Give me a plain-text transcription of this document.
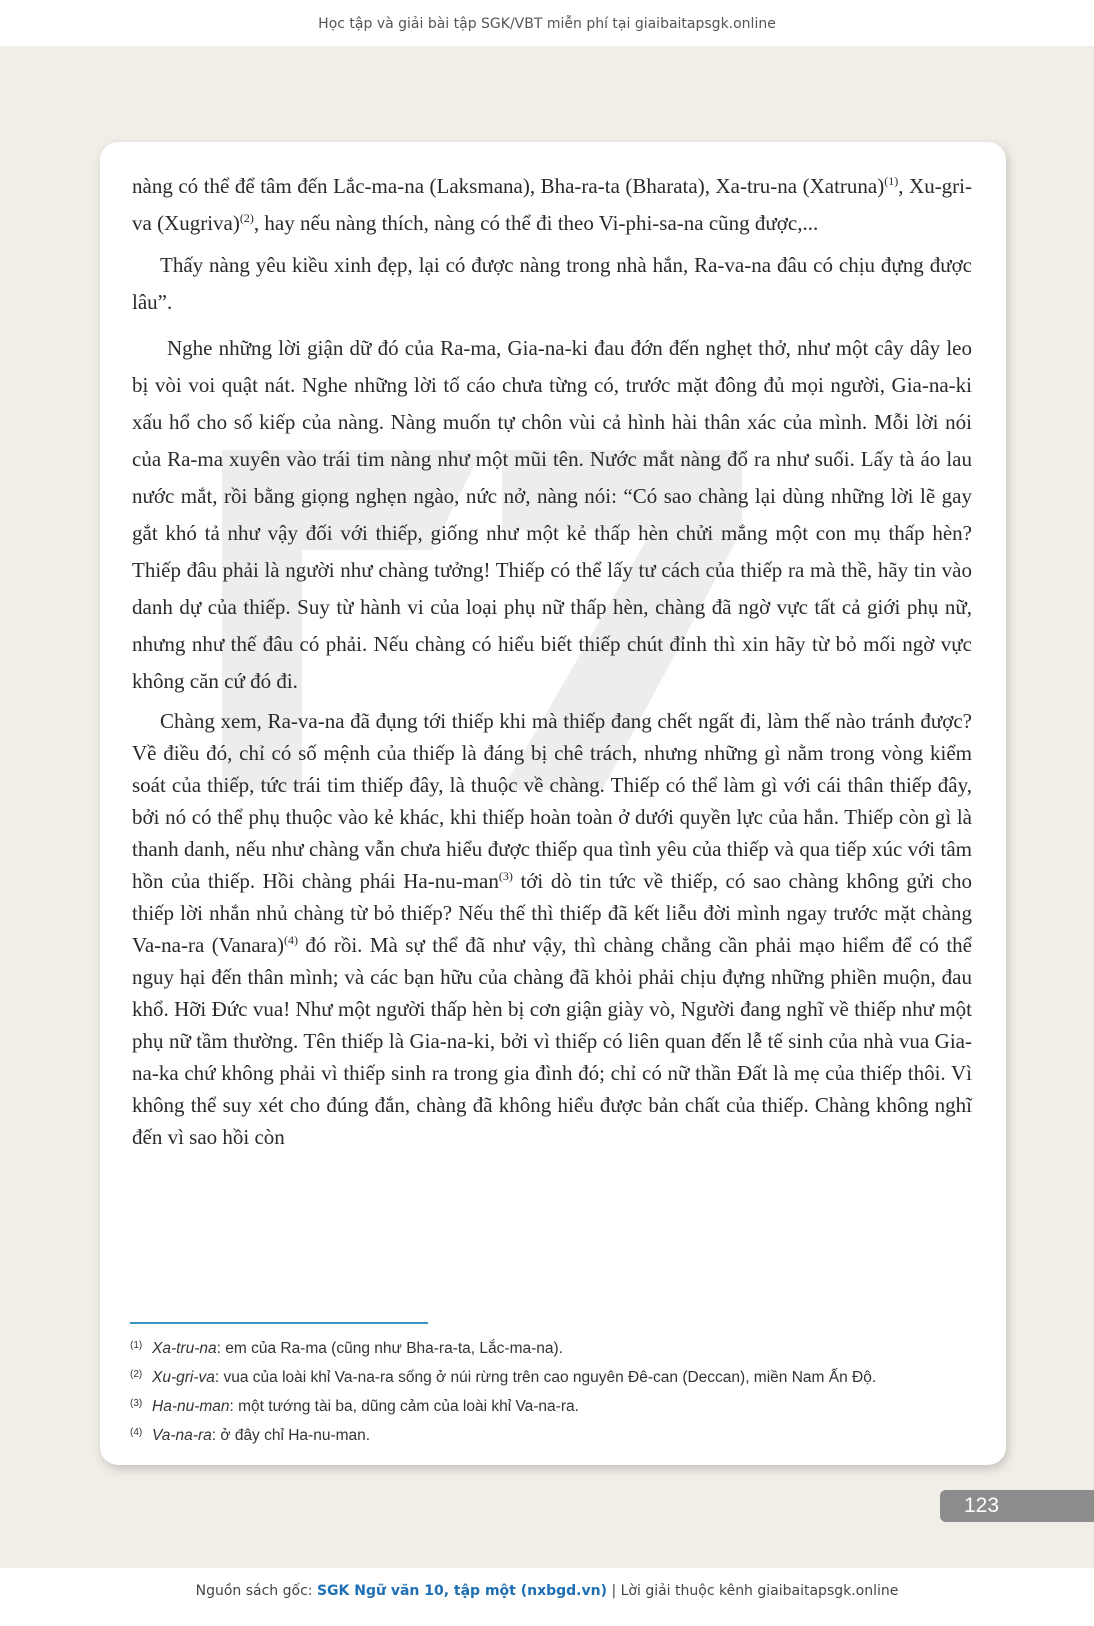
Học tập và giải bài tập SGK/VBT miễn phí tại giaibaitapsgk.online

nàng có thể để tâm đến Lắc-ma-na (Laksmana), Bha-ra-ta (Bharata), Xa-tru-na (Xatruna)$^{(1)}$, Xu-gri-va (Xugriva)$^{(2)}$, hay nếu nàng thích, nàng có thể đi theo Vi-phi-sa-na cũng được,...

Thấy nàng yêu kiều xinh đẹp, lại có được nàng trong nhà hắn, Ra-va-na đâu có chịu đựng được lâu”.

Nghe những lời giận dữ đó của Ra-ma, Gia-na-ki đau đớn đến nghẹt thở, như một cây dây leo bị vòi voi quật nát. Nghe những lời tố cáo chưa từng có, trước mặt đông đủ mọi người, Gia-na-ki xấu hổ cho số kiếp của nàng. Nàng muốn tự chôn vùi cả hình hài thân xác của mình. Mỗi lời nói của Ra-ma xuyên vào trái tim nàng như một mũi tên. Nước mắt nàng đổ ra như suối. Lấy tà áo lau nước mắt, rồi bằng giọng nghẹn ngào, nức nở, nàng nói: “Có sao chàng lại dùng những lời lẽ gay gắt khó tả như vậy đối với thiếp, giống như một kẻ thấp hèn chửi mắng một con mụ thấp hèn? Thiếp đâu phải là người như chàng tưởng! Thiếp có thể lấy tư cách của thiếp ra mà thề, hãy tin vào danh dự của thiếp. Suy từ hành vi của loại phụ nữ thấp hèn, chàng đã ngờ vực tất cả giới phụ nữ, nhưng như thế đâu có phải. Nếu chàng có hiểu biết thiếp chút đỉnh thì xin hãy từ bỏ mối ngờ vực không căn cứ đó đi.

Chàng xem, Ra-va-na đã đụng tới thiếp khi mà thiếp đang chết ngất đi, làm thế nào tránh được? Về điều đó, chỉ có số mệnh của thiếp là đáng bị chê trách, nhưng những gì nằm trong vòng kiểm soát của thiếp, tức trái tim thiếp đây, là thuộc về chàng. Thiếp có thể làm gì với cái thân thiếp đây, bởi nó có thể phụ thuộc vào kẻ khác, khi thiếp hoàn toàn ở dưới quyền lực của hắn. Thiếp còn gì là thanh danh, nếu như chàng vẫn chưa hiểu được thiếp qua tình yêu của thiếp và qua tiếp xúc với tâm hồn của thiếp. Hồi chàng phái Ha-nu-man$^{(3)}$ tới dò tin tức về thiếp, có sao chàng không gửi cho thiếp lời nhắn nhủ chàng từ bỏ thiếp? Nếu thế thì thiếp đã kết liễu đời mình ngay trước mặt chàng Va-na-ra (Vanara)$^{(4)}$ đó rồi. Mà sự thể đã như vậy, thì chàng chẳng cần phải mạo hiểm để có thể nguy hại đến thân mình; và các bạn hữu của chàng đã khỏi phải chịu đựng những phiền muộn, đau khổ. Hỡi Đức vua! Như một người thấp hèn bị cơn giận giày vò, Người đang nghĩ về thiếp như một phụ nữ tầm thường. Tên thiếp là Gia-na-ki, bởi vì thiếp có liên quan đến lễ tế sinh của nhà vua Gia-na-ka chứ không phải vì thiếp sinh ra trong gia đình đó; chỉ có nữ thần Đất là mẹ của thiếp thôi. Vì không thể suy xét cho đúng đắn, chàng đã không hiểu được bản chất của thiếp. Chàng không nghĩ đến vì sao hồi còn

(1) Xa-tru-na: em của Ra-ma (cũng như Bha-ra-ta, Lắc-ma-na).
(2) Xu-gri-va: vua của loài khỉ Va-na-ra sống ở núi rừng trên cao nguyên Đê-can (Deccan), miền Nam Ấn Độ.
(3) Ha-nu-man: một tướng tài ba, dũng cảm của loài khỉ Va-na-ra.
(4) Va-na-ra: ở đây chỉ Ha-nu-man.
123
Nguồn sách gốc: SGK Ngữ văn 10, tập một (nxbgd.vn) | Lời giải thuộc kênh giaibaitapsgk.online
